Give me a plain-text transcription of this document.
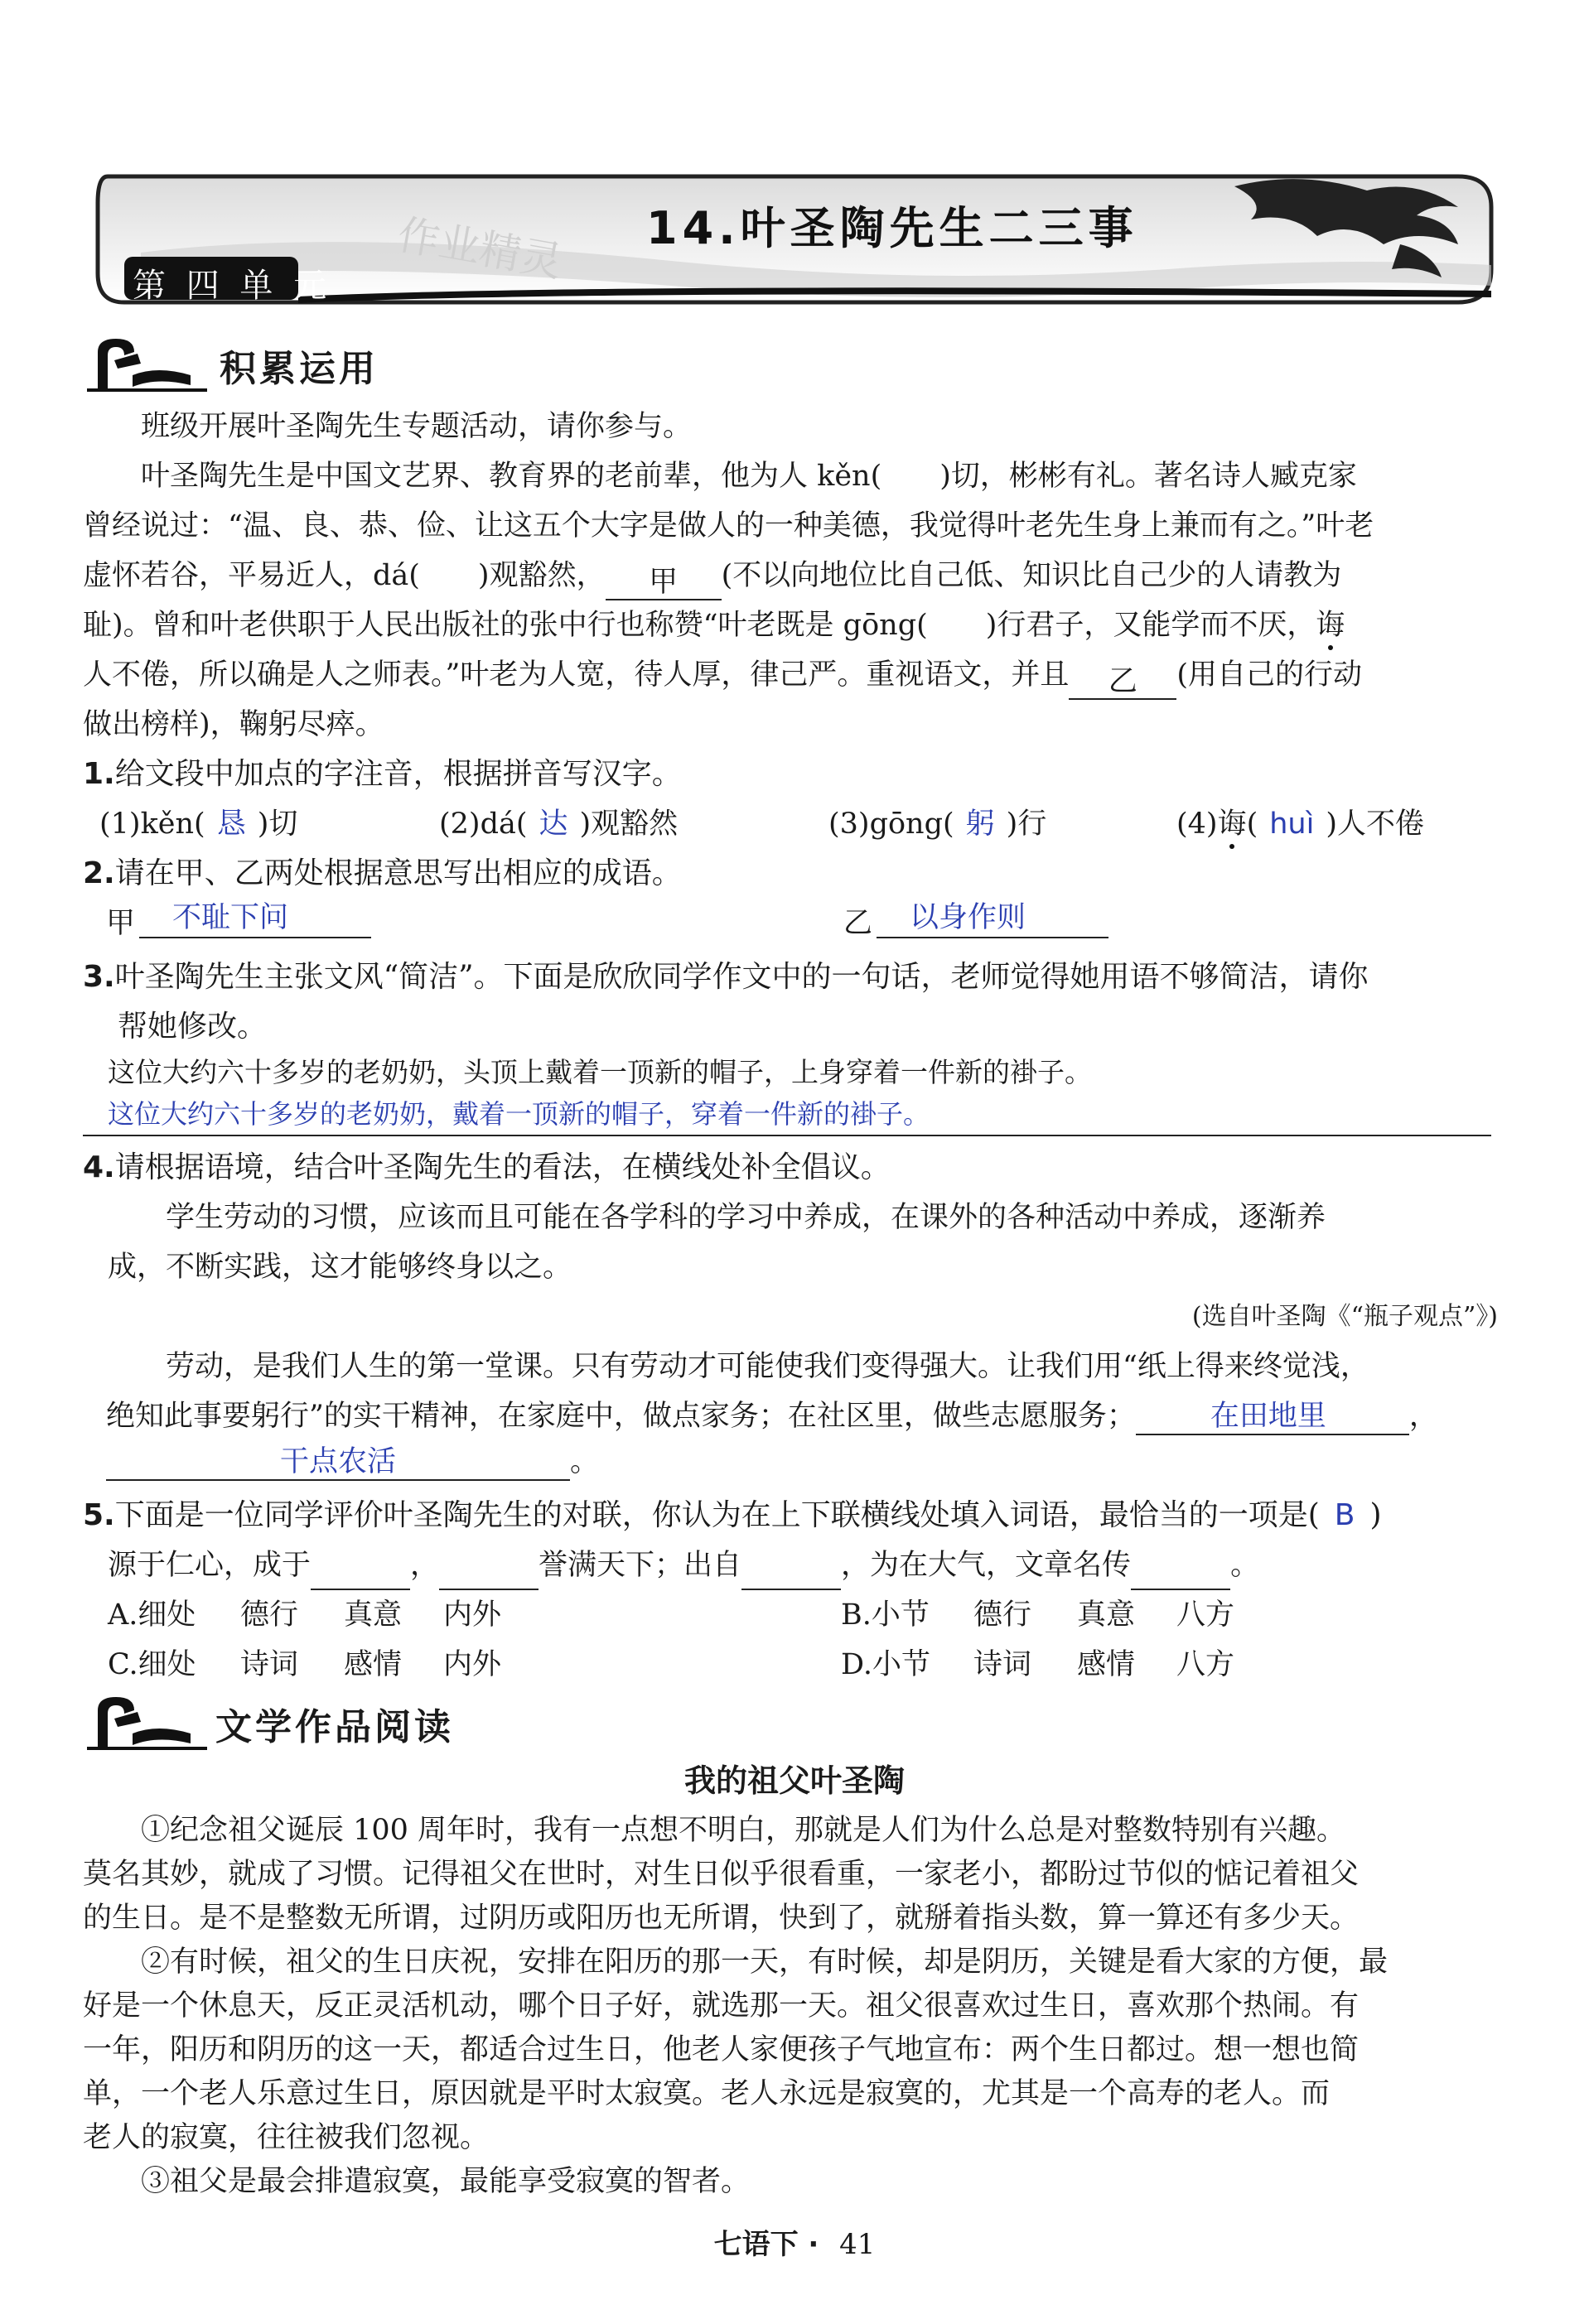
14.叶圣陶先生二三事
第 四 单 元 作业精灵
积累运用
班级开展叶圣陶先生专题活动，请你参与。
叶圣陶先生是中国文艺界、教育界的老前辈，他为人 kěn(　　)切，彬彬有礼。著名诗人臧克家
曾经说过：“温、良、恭、俭、让这五个大字是做人的一种美德，我觉得叶老先生身上兼而有之。”叶老
虚怀若谷，平易近人，dá(　　)观豁然， 甲 (不以向地位比自己低、知识比自己少的人请教为
耻)。曾和叶老供职于人民出版社的张中行也称赞“叶老既是 gōng(　　)行君子，又能学而不厌，诲
人不倦，所以确是人之师表。”叶老为人宽，待人厚，律己严。重视语文，并且 乙 (用自己的行动
做出榜样)，鞠躬尽瘁。
1.给文段中加点的字注音，根据拼音写汉字。
(1)kěn( 恳 )切	(2)dá( 达 )观豁然	(3)gōng( 躬 )行	(4)诲( huì )人不倦
2.请在甲、乙两处根据意思写出相应的成语。
甲	不耻下问	乙	以身作则
3.叶圣陶先生主张文风“简洁”。下面是欣欣同学作文中的一句话，老师觉得她用语不够简洁，请你
帮她修改。
这位大约六十多岁的老奶奶，头顶上戴着一顶新的帽子，上身穿着一件新的褂子。
这位大约六十多岁的老奶奶，戴着一顶新的帽子，穿着一件新的褂子。
4.请根据语境，结合叶圣陶先生的看法，在横线处补全倡议。
学生劳动的习惯，应该而且可能在各学科的学习中养成，在课外的各种活动中养成，逐渐养
成，不断实践，这才能够终身以之。
(选自叶圣陶《“瓶子观点”》)
劳动，是我们人生的第一堂课。只有劳动才可能使我们变得强大。让我们用“纸上得来终觉浅，
绝知此事要躬行”的实干精神，在家庭中，做点家务；在社区里，做些志愿服务；	在田地里	，
干点农活	。
5.下面是一位同学评价叶圣陶先生的对联，你认为在上下联横线处填入词语，最恰当的一项是( B )
源于仁心，成于	，	誉满天下；出自	，为在大气，文章名传	。
A.细处 德行 真意 内外	B.小节 德行 真意 八方
C.细处 诗词 感情 内外	D.小节 诗词 感情 八方
文学作品阅读
我的祖父叶圣陶
①纪念祖父诞辰 100 周年时，我有一点想不明白，那就是人们为什么总是对整数特别有兴趣。
莫名其妙，就成了习惯。记得祖父在世时，对生日似乎很看重，一家老小，都盼过节似的惦记着祖父
的生日。是不是整数无所谓，过阴历或阳历也无所谓，快到了，就掰着指头数，算一算还有多少天。
②有时候，祖父的生日庆祝，安排在阳历的那一天，有时候，却是阴历，关键是看大家的方便，最
好是一个休息天，反正灵活机动，哪个日子好，就选那一天。祖父很喜欢过生日，喜欢那个热闹。有
一年，阳历和阴历的这一天，都适合过生日，他老人家便孩子气地宣布：两个生日都过。想一想也简
单，一个老人乐意过生日，原因就是平时太寂寞。老人永远是寂寞的，尤其是一个高寿的老人。而
老人的寂寞，往往被我们忽视。
③祖父是最会排遣寂寞，最能享受寂寞的智者。
七语下 · 41
